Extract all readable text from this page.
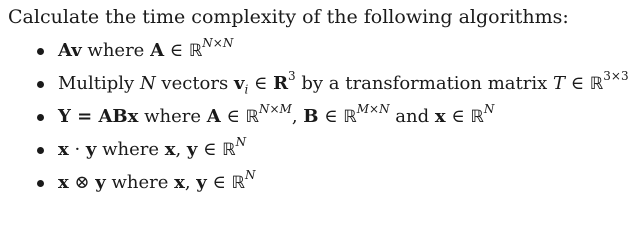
Calculate the time complexity of the following algorithms:
Av where A ∈ ℝ$^{N\times N}$
Multiply N vectors $v_i$ ∈ $R^3$ by a transformation matrix T ∈ ℝ$^{3\times 3}$
Y = ABx where A ∈ ℝ$^{N\times M}$, B ∈ ℝ$^{M\times N}$ and x ∈ ℝ$^N$
x · y where x, y ∈ ℝ$^N$
x ⊗ y where x, y ∈ ℝ$^N$
